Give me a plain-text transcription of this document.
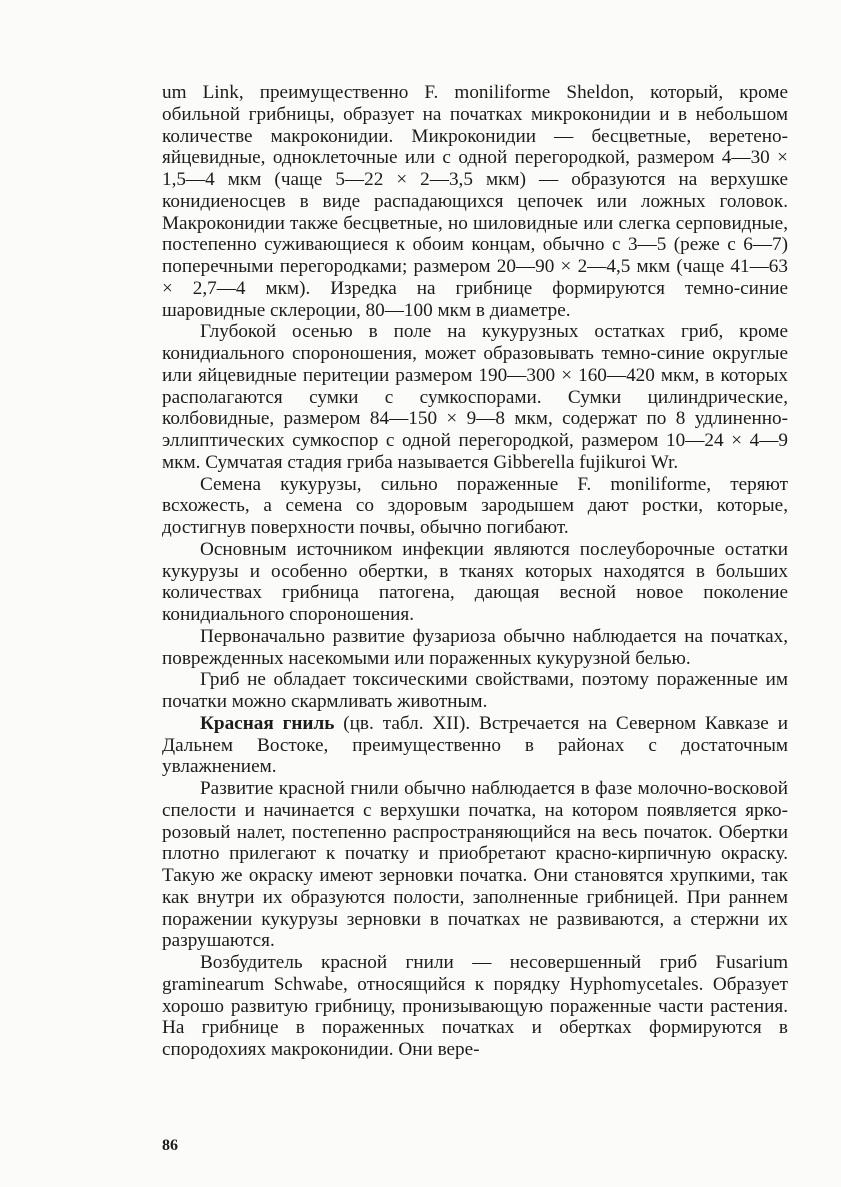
um Link, преимущественно F. moniliforme Sheldon, который, кроме обильной грибницы, образует на початках микроконидии и в небольшом количестве макроконидии. Микроконидии — бесцветные, веретено-яйцевидные, одноклеточные или с одной перегородкой, размером 4—30 × 1,5—4 мкм (чаще 5—22 × 2—3,5 мкм) — образуются на верхушке конидиеносцев в виде распадающихся цепочек или ложных головок. Макроконидии также бесцветные, но шиловидные или слегка серповидные, постепенно суживающиеся к обоим концам, обычно с 3—5 (реже с 6—7) поперечными перегородками; размером 20—90 × 2—4,5 мкм (чаще 41—63 × 2,7—4 мкм). Изредка на грибнице формируются темно-синие шаровидные склероции, 80—100 мкм в диаметре.

Глубокой осенью в поле на кукурузных остатках гриб, кроме конидиального спороношения, может образовывать темно-синие округлые или яйцевидные перитеции размером 190—300 × 160—420 мкм, в которых располагаются сумки с сумкоспорами. Сумки цилиндрические, колбовидные, размером 84—150 × 9—8 мкм, содержат по 8 удлиненно-эллиптических сумкоспор с одной перегородкой, размером 10—24 × 4—9 мкм. Сумчатая стадия гриба называется Gibberella fujikuroi Wr.

Семена кукурузы, сильно пораженные F. moniliforme, теряют всхожесть, а семена со здоровым зародышем дают ростки, которые, достигнув поверхности почвы, обычно погибают.

Основным источником инфекции являются послеуборочные остатки кукурузы и особенно обертки, в тканях которых находятся в больших количествах грибница патогена, дающая весной новое поколение конидиального спороношения.

Первоначально развитие фузариоза обычно наблюдается на початках, поврежденных насекомыми или пораженных кукурузной белью.

Гриб не обладает токсическими свойствами, поэтому пораженные им початки можно скармливать животным.

Красная гниль (цв. табл. XII). Встречается на Северном Кавказе и Дальнем Востоке, преимущественно в районах с достаточным увлажнением.

Развитие красной гнили обычно наблюдается в фазе молочно-восковой спелости и начинается с верхушки початка, на котором появляется ярко-розовый налет, постепенно распространяющийся на весь початок. Обертки плотно прилегают к початку и приобретают красно-кирпичную окраску. Такую же окраску имеют зерновки початка. Они становятся хрупкими, так как внутри их образуются полости, заполненные грибницей. При раннем поражении кукурузы зерновки в початках не развиваются, а стержни их разрушаются.

Возбудитель красной гнили — несовершенный гриб Fusarium graminearum Schwabe, относящийся к порядку Hyphomycetales. Образует хорошо развитую грибницу, пронизывающую пораженные части растения. На грибнице в пораженных початках и обертках формируются в спородохиях макроконидии. Они вере-

86
